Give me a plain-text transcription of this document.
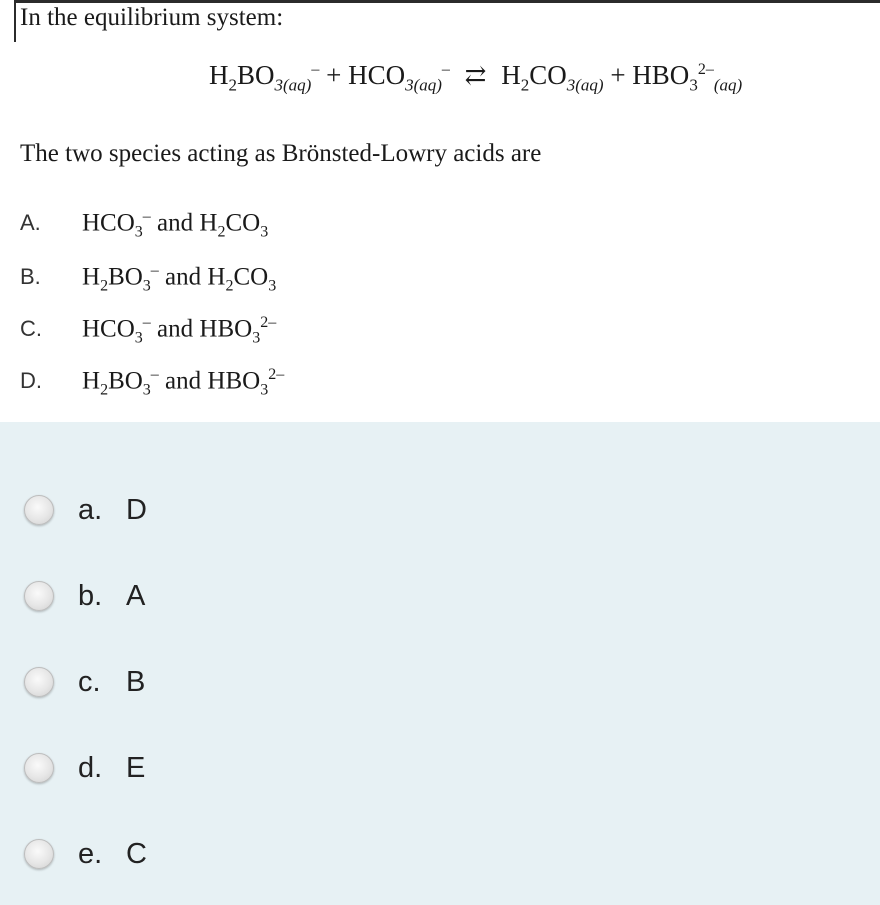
In the equilibrium system:
$H_2BO_{3(aq)}^- + HCO_{3(aq)}^-$ ⇄ $H_2CO_{3(aq)} + HBO_3^{2-}_{(aq)}$
The two species acting as Brönsted-Lowry acids are
A. $HCO_3^-$ and $H_2CO_3$
B. $H_2BO_3^-$ and $H_2CO_3$
C. $HCO_3^-$ and $HBO_3^{2-}$
D. $H_2BO_3^-$ and $HBO_3^{2-}$
a. D
b. A
c. B
d. E
e. C
